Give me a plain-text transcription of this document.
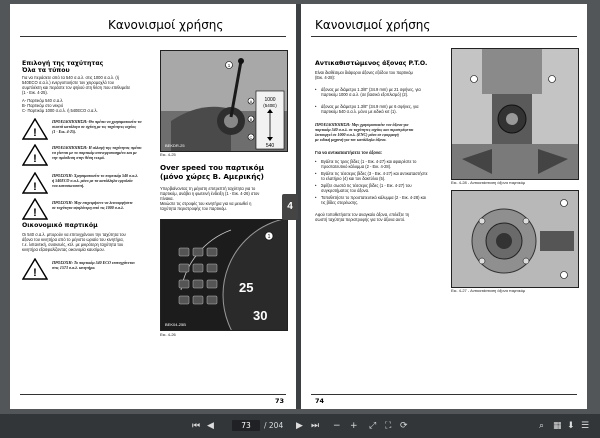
Κανονισμοί χρήσης
Επιλογή της ταχύτητας
Όλα τα τύπου
Για να περάσετε από τα 540 σ.α.λ. στις 1000 σ.α.λ. (ή
540ECO σ.α.λ.) ενεργοποιήστε τον χειρομοχλό του
συμπλέκτη και περάστε τον ψηλού στη θέση που επιθυμείτε
(1 - Εικ. 4-25).
A- Παρτικόμ 540 σ.α.λ.
B- Παρτικόμ στο νεκρό
C- Παρτικόμ 1000 σ.α.λ. ή 540ECO σ.α.λ.
!
ΠΡΟΕΙΔΟΠΟΙΗΣΗ: Θα πρέπει να χρησιμοποιείτε τα
σωστά κατάλογα σε σχέση με τις ταχύτητες ισχύος
(1 - Εικ. 4-25).
!
ΠΡΟΕΙΔΟΠΟΙΗΣΗ: Η αλλαγή της ταχύτητας πρέπει
να γίνεται με το παρτικόμ απενεργοποιημένο και με
την πρόσδεση στην θέση νεκρό.
!
ΠΡΟΣΟΧΗ: Χρησιμοποιείτε το παρτικόμ 540 σ.α.λ.
ή 540ECO σ.α.λ. μόνο με τα κατάλληλα εργαλεία
του κατασκευαστή.
!
ΠΡΟΣΟΧΗ: Μην επιχειρήσετε να λειτουργήσετε
σε ταχύτητα υψηλότερη από τις 1000 σ.α.λ.
Οικονομικό παρτικόμ
Οι 540 σ.α.λ. μπορούν να επιτυγχάνουν την ταχύτητα του
άξονα του κινητήρα από το μέγιστο ωριαίο του κινητήρα,
τ.ε. λιπαντική, συσκευές, κτλ. με μικρότερη ταχύτητα του
κινητήρα εξασφαλίζοντας οικονομία καυσίμου.
!
ΠΡΟΣΟΧΗ: Το παρτικόμ 540 ECO επιτυγχάνεται
στις 1573 σ.α.λ. κινητήρα.
1000
(540E)
540
A
B
C
1
BEKDR-25
Εικ. 4-25
Over speed του παρτικόμ
(μόνο χώρες Β. Αμερικής)
Υπερβαίνοντας τη μέγιστη επιτρεπτή ταχύτητα για το
παρτικόμ, ανάβει η φωτεινή ένδειξη (1 - Εικ. 4-26) στον
πίνακα.
Μειώστε τις στροφές του κινητήρα για να μειωθεί η
ταχύτητα περιστροφής του παρτικόμ.
25
30
1
BEK04-25B
Εικ. 4-26
73
4
Κανονισμοί χρήσης
Αντικαθιστώμενος άξονας P.T.O.
Είναι διαθέσιμοι διάφοροι άξονες εξόδου του παρτικόμ
(Εικ. 4-28):
• άξονας με διάμετρο 1.3/8" (34.9 mm) με 21 σφήνες, για
παρτικόμ 1000 σ.α.λ. (σε βασικό εξοπλισμό) (2).
• άξονας με διάμετρο 1.3/8" (34.9 mm) με 6 σφήνες, για
παρτικόμ 540 σ.α.λ. μόνο με ειδικό κιτ (1).
ΠΡΟΕΙΔΟΠΟΙΗΣΗ: Μην χρησιμοποιείτε τον άξονα για
παρτικόμ 540 σ.α.λ. σε ταχύτητες ισχύος και περιστρέφεται
λειτουργεί σε 1000 σ.α.λ. (ENC) μόνο σε εφαρμογή
με ειδική μηχανή για τον κατάλληλο άξονα.
Για να αντικαταστήσετε τον άξονα:
• Βγάλτε τις τρεις βίδες (1 - Εικ. 4-27) και αφαιρέστε το
προστατευτικό κάλυμμα (2 - Εικ. 4-28).
• Βγάλτε τις τέσσερις βίδες (3 - Εικ. 4-27) και αντικαταστήστε
το ελατήριο (4) και τον δακτύλιο (5).
• Σφίξτε σωστά τις τέσσερις βίδες (1 - Εικ. 4-27) του
συγκροτήματος του άξονα.
• Τοποθετήστε το προστατευτικό κάλυμμα (2 - Εικ. 4-28) και
τις βίδες στερέωσης.
Αφού τοποθετήσετε τον αναγκαίο άξονα, επιλέξτε τη
σωστή ταχύτητα περιστροφής για τον άξονα αυτό.
Εικ. 4-28 - Αντικατάσταση άξονα παρτικόμ
Εικ. 4-27 - Αντικατάσταση άξονα παρτικόμ
74
⏮ ◀	73	/ 204 ▶ ⏭ − + ⤢ ⛶ ⟳	⌕ ▦ ⬇ ☰
